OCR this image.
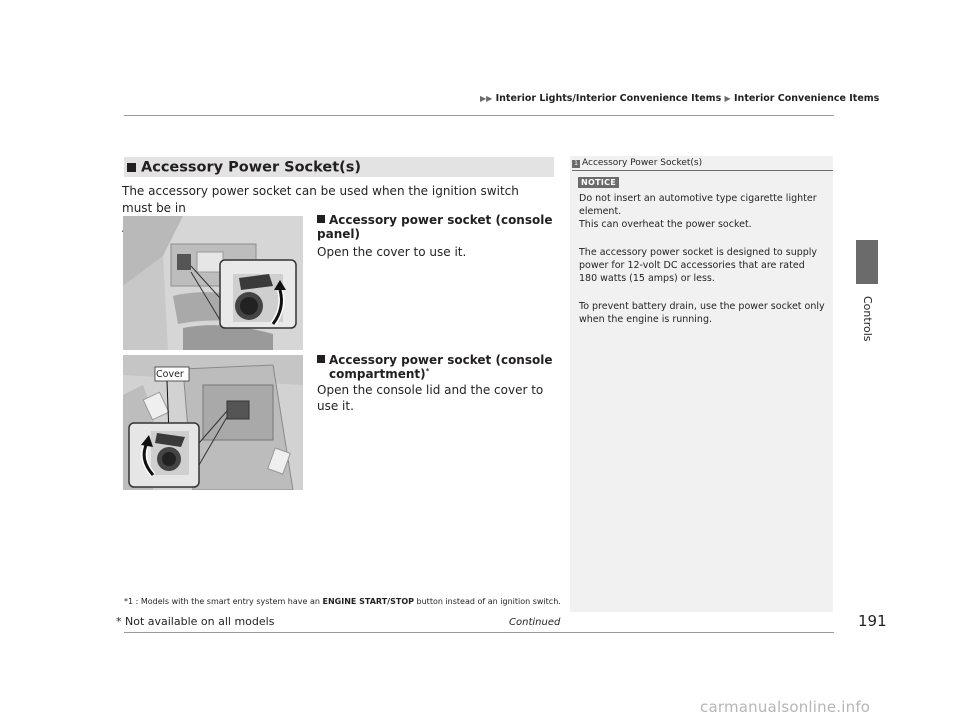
▶▶ Interior Lights/Interior Convenience Items ▶ Interior Convenience Items
Controls
Accessory Power Socket(s)
The accessory power socket can be used when the ignition switch must be in

Accessory power socket (console panel)
Open the cover to use it.
Cover
Accessory power socket (console
compartment)*
Open the console lid and the cover to use it.
*1 : Models with the smart entry system have an ENGINE START/STOP button instead of an ignition switch.
1 Accessory Power Socket(s)
NOTICE
Do not insert an automotive type cigarette lighter
element.
This can overheat the power socket.
The accessory power socket is designed to supply
power for 12-volt DC accessories that are rated
180 watts (15 amps) or less.
To prevent battery drain, use the power socket only
when the engine is running.
Continued	191
* Not available on all models
carmanualsonline.info
